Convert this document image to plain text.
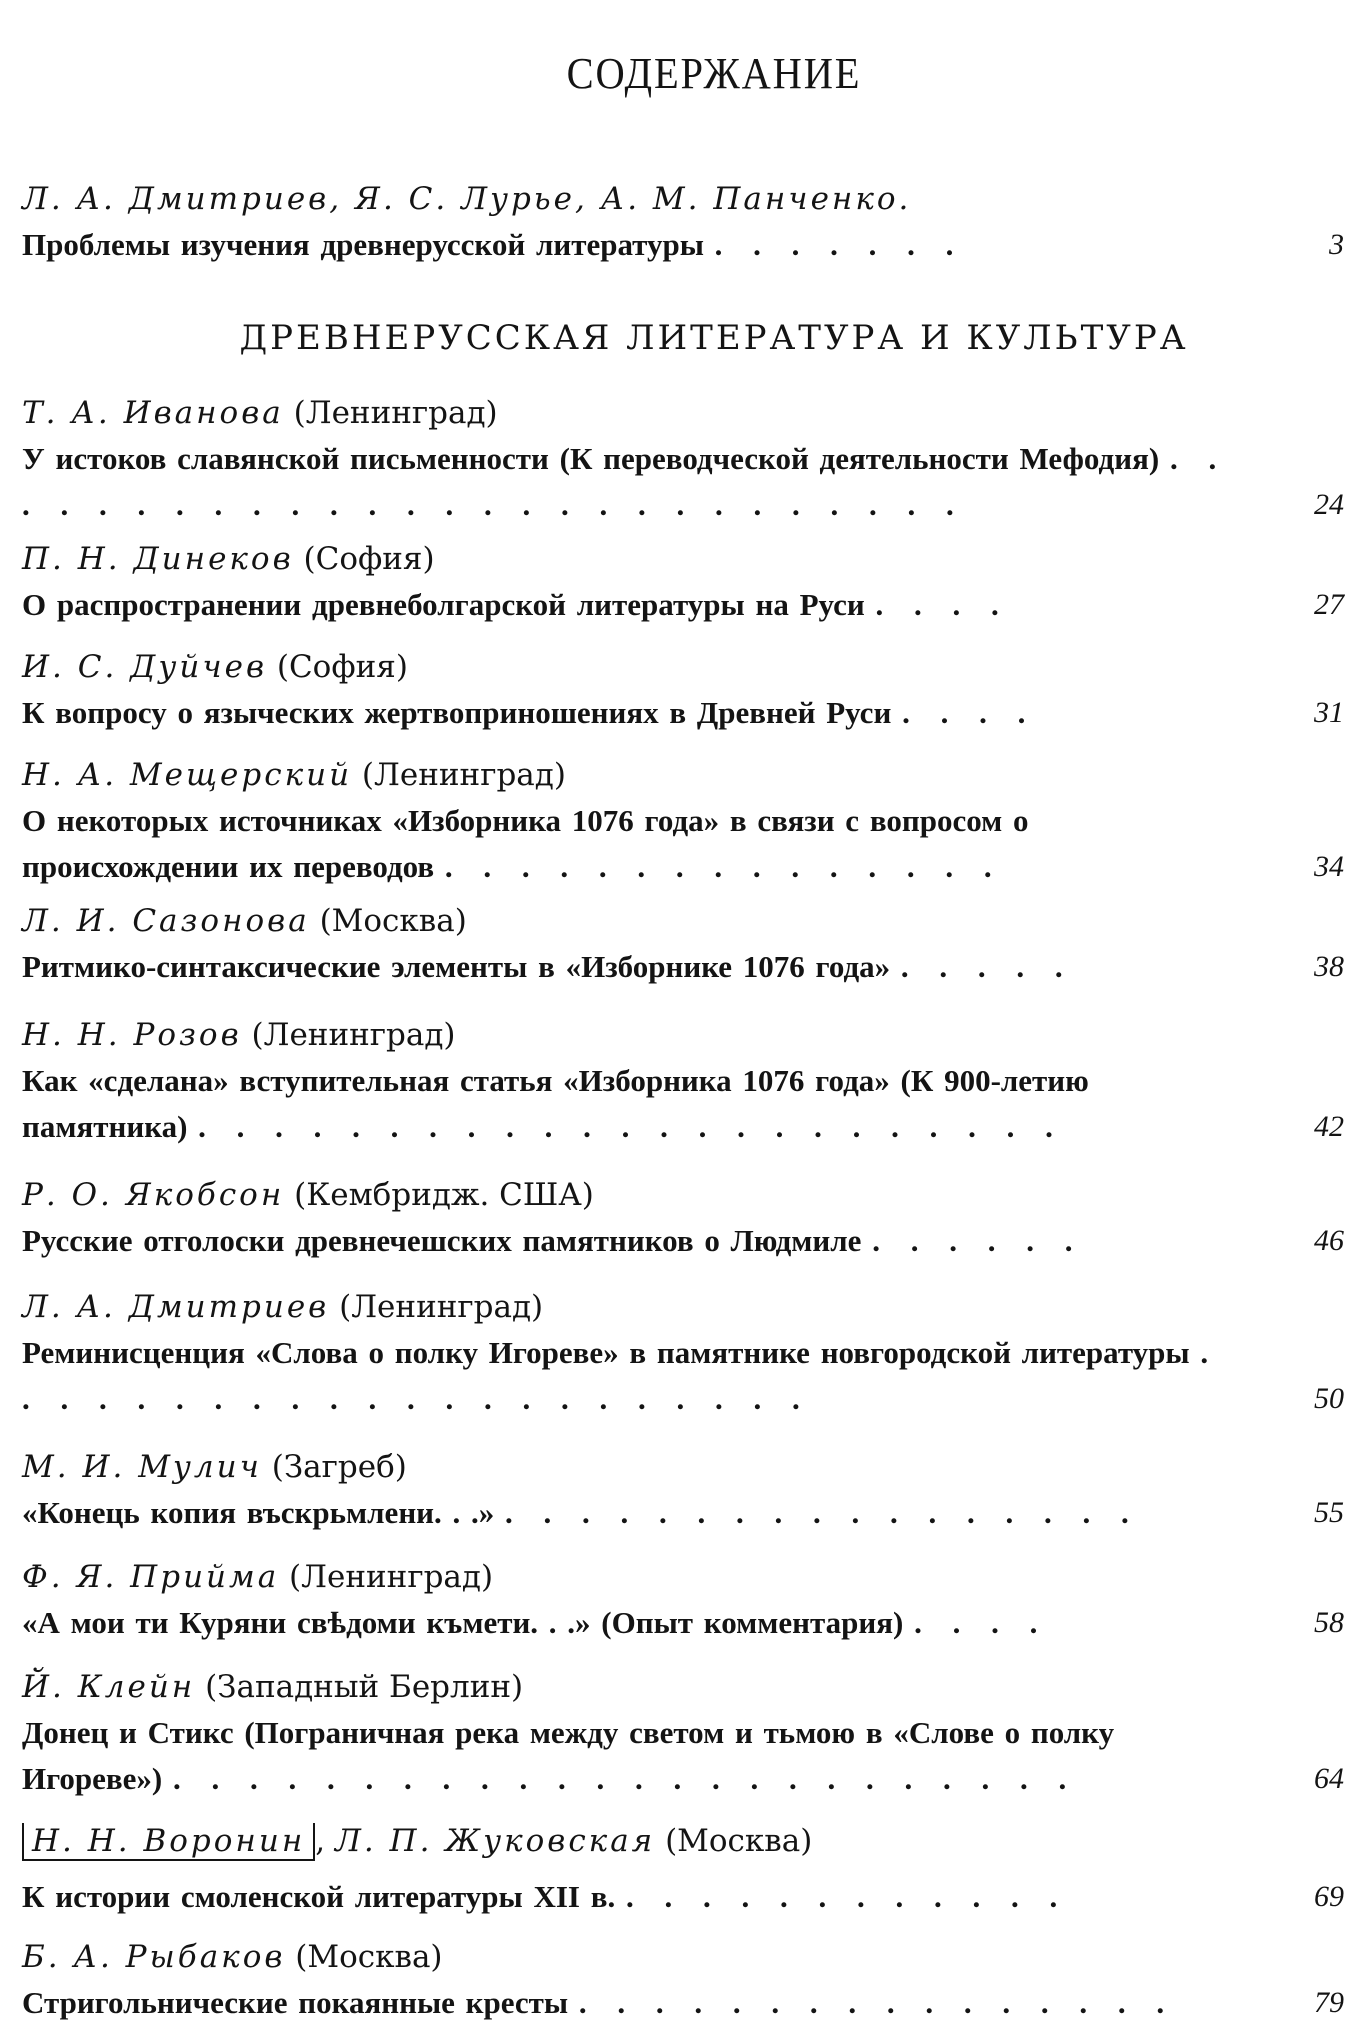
СОДЕРЖАНИЕ
Л. А. Дмитриев, Я. С. Лурье, А. М. Панченко.
Проблемы изучения древнерусской литературы . . . . . . .	3
ДРЕВНЕРУССКАЯ ЛИТЕРАТУРА И КУЛЬТУРА
Т. А. Иванова (Ленинград)
У истоков славянской письменности (К переводческой деятельности Мефодия) . . . . . . . . . . . . . . . . . . . . . . . . . . .	24
П. Н. Динеков (София)
О распространении древнеболгарской литературы на Руси . . . .	27
И. С. Дуйчев (София)
К вопросу о языческих жертвоприношениях в Древней Руси . . . .	31
Н. А. Мещерский (Ленинград)
О некоторых источниках «Изборника 1076 года» в связи с вопросом о происхождении их переводов . . . . . . . . . . . . . . .	34
Л. И. Сазонова (Москва)
Ритмико-синтаксические элементы в «Изборнике 1076 года» . . . . .	38
Н. Н. Розов (Ленинград)
Как «сделана» вступительная статья «Изборника 1076 года» (К 900-летию памятника) . . . . . . . . . . . . . . . . . . . . . . .	42
Р. О. Якобсон (Кембридж. США)
Русские отголоски древнечешских памятников о Людмиле . . . . . .	46
Л. А. Дмитриев (Ленинград)
Реминисценция «Слова о полку Игореве» в памятнике новгородской литературы . . . . . . . . . . . . . . . . . . . . . .	50
М. И. Мулич (Загреб)
«Конець копия въскрьмлени. . .» . . . . . . . . . . . . . . . . .	55
Ф. Я. Прийма (Ленинград)
«А мои ти Куряни свѣдоми къмети. . .» (Опыт комментария) . . . .	58
Й. Клейн (Западный Берлин)
Донец и Стикс (Пограничная река между светом и тьмою в «Слове о полку Игореве») . . . . . . . . . . . . . . . . . . . . . . . .	64
Н. Н. Воронин , Л. П. Жуковская (Москва)
К истории смоленской литературы XII в. . . . . . . . . . . . .	69
Б. А. Рыбаков (Москва)
Стригольнические покаянные кресты . . . . . . . . . . . . . . . .	79
